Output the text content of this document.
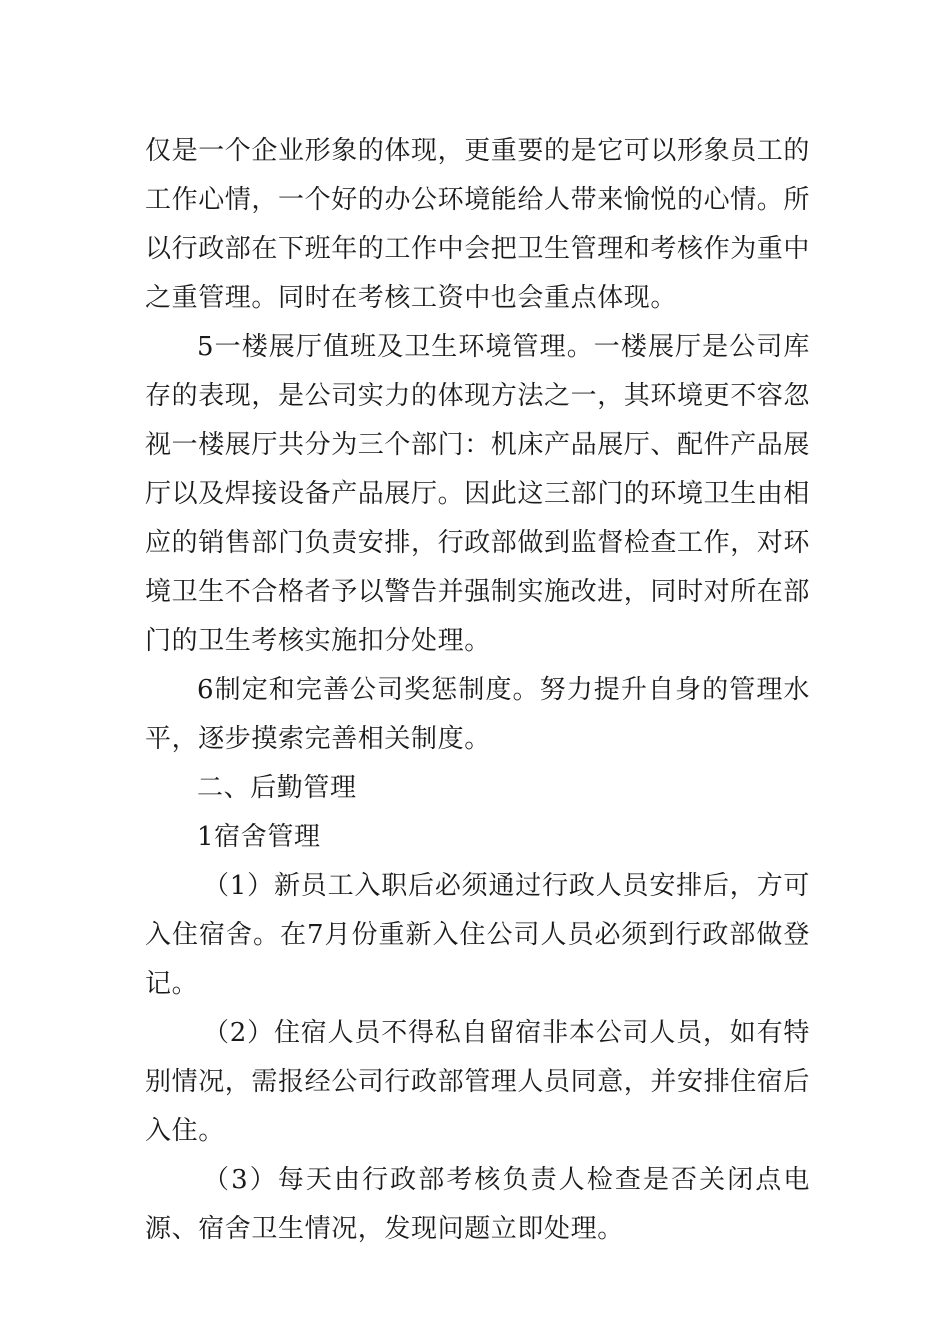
仅是一个企业形象的体现，更重要的是它可以形象员工的工作心情，一个好的办公环境能给人带来愉悦的心情。所以行政部在下班年的工作中会把卫生管理和考核作为重中之重管理。同时在考核工资中也会重点体现。

5一楼展厅值班及卫生环境管理。一楼展厅是公司库存的表现，是公司实力的体现方法之一，其环境更不容忽视一楼展厅共分为三个部门：机床产品展厅、配件产品展厅以及焊接设备产品展厅。因此这三部门的环境卫生由相应的销售部门负责安排，行政部做到监督检查工作，对环境卫生不合格者予以警告并强制实施改进，同时对所在部门的卫生考核实施扣分处理。

6制定和完善公司奖惩制度。努力提升自身的管理水平，逐步摸索完善相关制度。

二、后勤管理

1宿舍管理

（1）新员工入职后必须通过行政人员安排后，方可入住宿舍。在7月份重新入住公司人员必须到行政部做登记。

（2）住宿人员不得私自留宿非本公司人员，如有特别情况，需报经公司行政部管理人员同意，并安排住宿后入住。

（3）每天由行政部考核负责人检查是否关闭点电源、宿舍卫生情况，发现问题立即处理。
